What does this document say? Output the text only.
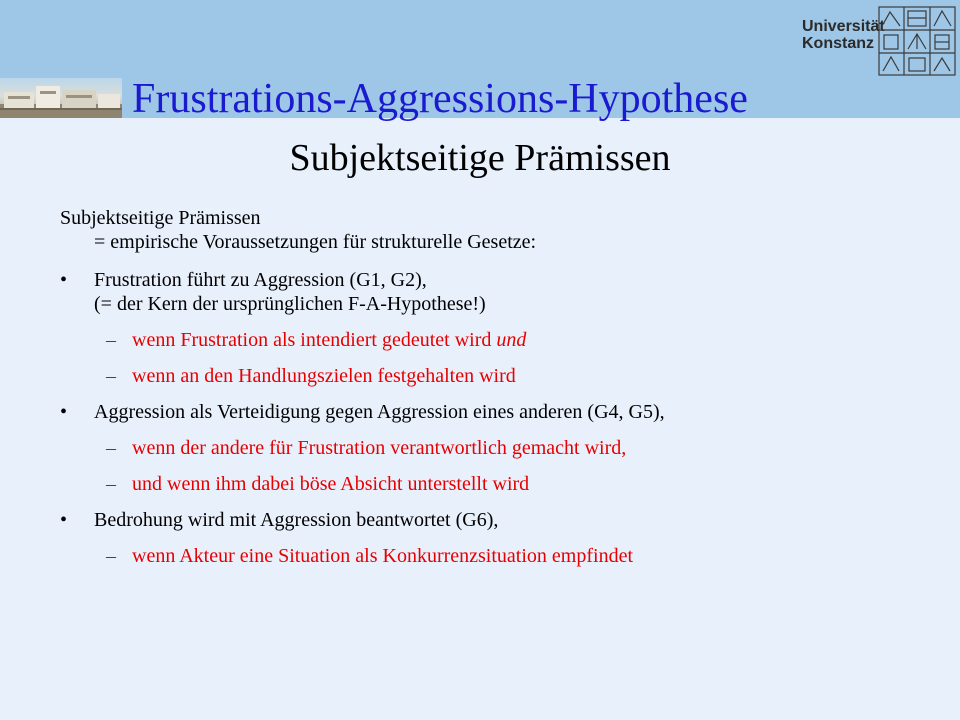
Universität
Konstanz
Frustrations-Aggressions-Hypothese
Subjektseitige Prämissen
Subjektseitige Prämissen
= empirische Voraussetzungen für strukturelle Gesetze:
• Frustration führt zu Aggression (G1, G2),
(= der Kern der ursprünglichen F-A-Hypothese!)
– wenn Frustration als intendiert gedeutet wird und
– wenn an den Handlungszielen festgehalten wird
• Aggression als Verteidigung gegen Aggression eines anderen (G4, G5),
– wenn der andere für Frustration verantwortlich gemacht wird,
– und wenn ihm dabei böse Absicht unterstellt wird
• Bedrohung wird mit Aggression beantwortet (G6),
– wenn Akteur eine Situation als Konkurrenzsituation empfindet
